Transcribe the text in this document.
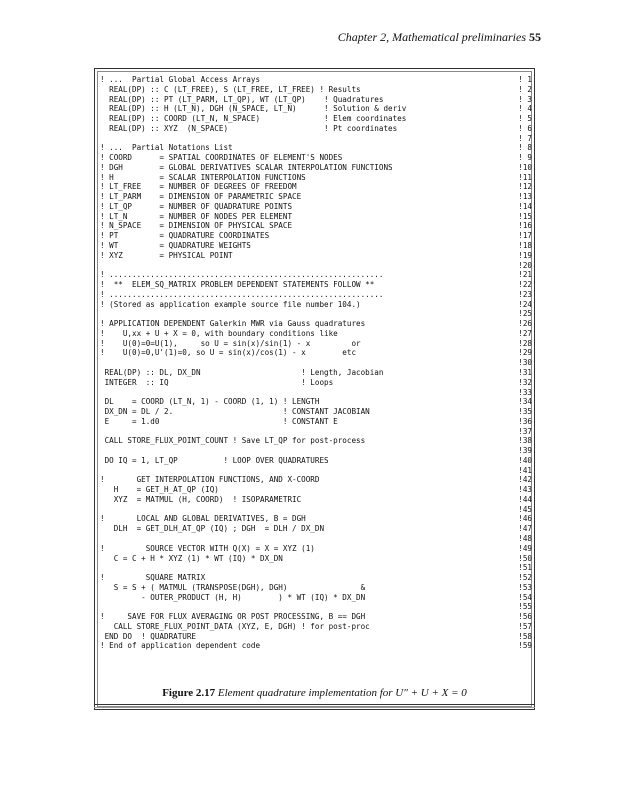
Chapter 2, Mathematical preliminaries 55
! ...  Partial Global Access Arrays	! 1
REAL(DP) :: C (LT_FREE), S (LT_FREE, LT_FREE) ! Results	! 2
REAL(DP) :: PT (LT_PARM, LT_QP), WT (LT_QP)    ! Quadratures	! 3
REAL(DP) :: H (LT_N), DGH (N_SPACE, LT_N)      ! Solution & deriv	! 4
REAL(DP) :: COORD (LT_N, N_SPACE)              ! Elem coordinates	! 5
REAL(DP) :: XYZ  (N_SPACE)                     ! Pt coordinates	! 6
! 7
! ...  Partial Notations List	! 8
! COORD      = SPATIAL COORDINATES OF ELEMENT'S NODES	! 9
! DGH        = GLOBAL DERIVATIVES SCALAR INTERPOLATION FUNCTIONS	!10
! H          = SCALAR INTERPOLATION FUNCTIONS	!11
! LT_FREE    = NUMBER OF DEGREES OF FREEDOM	!12
! LT_PARM    = DIMENSION OF PARAMETRIC SPACE	!13
! LT_QP      = NUMBER OF QUADRATURE POINTS	!14
! LT_N       = NUMBER OF NODES PER ELEMENT	!15
! N_SPACE    = DIMENSION OF PHYSICAL SPACE	!16
! PT         = QUADRATURE COORDINATES	!17
! WT         = QUADRATURE WEIGHTS	!18
! XYZ        = PHYSICAL POINT	!19
!20
! ............................................................	!21
!  **  ELEM_SQ_MATRIX PROBLEM DEPENDENT STATEMENTS FOLLOW **	!22
! ............................................................	!23
! (Stored as application example source file number 104.)	!24
!25
! APPLICATION DEPENDENT Galerkin MWR via Gauss quadratures	!26
!    U,xx + U + X = 0, with boundary conditions like	!27
!    U(0)=0=U(1),     so U = sin(x)/sin(1) - x         or	!28
!    U(0)=0,U'(1)=0, so U = sin(x)/cos(1) - x        etc	!29
!30
REAL(DP) :: DL, DX_DN                      ! Length, Jacobian	!31
INTEGER  :: IQ                             ! Loops	!32
!33
DL    = COORD (LT_N, 1) - COORD (1, 1) ! LENGTH	!34
DX_DN = DL / 2.                        ! CONSTANT JACOBIAN	!35
E     = 1.d0                           ! CONSTANT E	!36
!37
CALL STORE_FLUX_POINT_COUNT ! Save LT_QP for post-process	!38
!39
DO IQ = 1, LT_QP          ! LOOP OVER QUADRATURES	!40
!41
!       GET INTERPOLATION FUNCTIONS, AND X-COORD	!42
H    = GET_H_AT_QP (IQ)	!43
XYZ  = MATMUL (H, COORD)  ! ISOPARAMETRIC	!44
!45
!       LOCAL AND GLOBAL DERIVATIVES, B = DGH	!46
DLH  = GET_DLH_AT_QP (IQ) ; DGH  = DLH / DX_DN	!47
!48
!         SOURCE VECTOR WITH Q(X) = X = XYZ (1)	!49
C = C + H * XYZ (1) * WT (IQ) * DX_DN	!50
!51
!         SQUARE MATRIX	!52
S = S + ( MATMUL (TRANSPOSE(DGH), DGH)                &	!53
- OUTER_PRODUCT (H, H)        ) * WT (IQ) * DX_DN	!54
!55
!     SAVE FOR FLUX AVERAGING OR POST PROCESSING, B == DGH	!56
CALL STORE_FLUX_POINT_DATA (XYZ, E, DGH) ! for post-proc	!57
END DO  ! QUADRATURE	!58
! End of application dependent code	!59
Figure 2.17 Element quadrature implementation for U" + U + X = 0
